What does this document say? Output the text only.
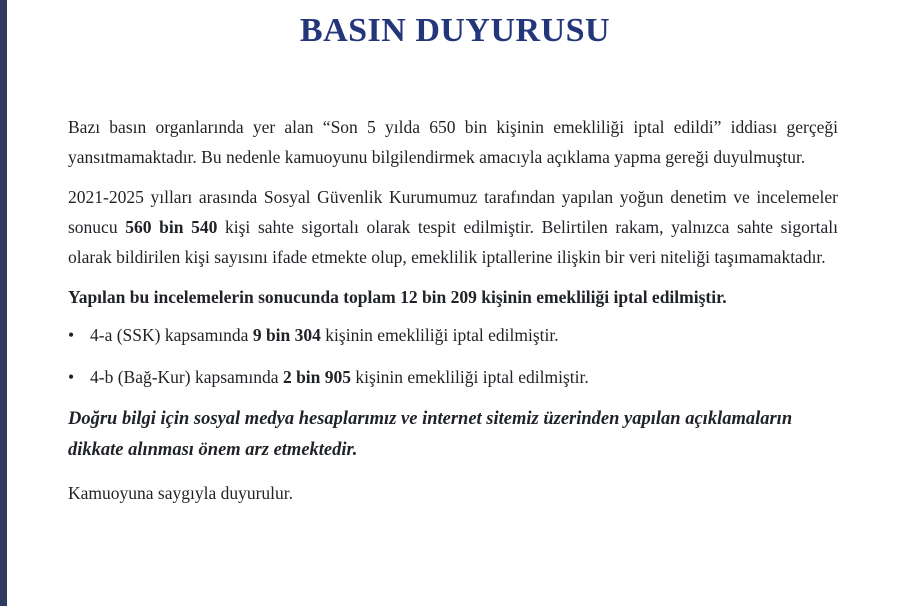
BASIN DUYURUSU

Bazı basın organlarında yer alan “Son 5 yılda 650 bin kişinin emekliliği iptal edildi” iddiası gerçeği yansıtmamaktadır. Bu nedenle kamuoyunu bilgilendirmek amacıyla açıklama yapma gereği duyulmuştur.

2021-2025 yılları arasında Sosyal Güvenlik Kurumumuz tarafından yapılan yoğun denetim ve incelemeler sonucu 560 bin 540 kişi sahte sigortalı olarak tespit edilmiştir. Belirtilen rakam, yalnızca sahte sigortalı olarak bildirilen kişi sayısını ifade etmekte olup, emeklilik iptallerine ilişkin bir veri niteliği taşımamaktadır.

Yapılan bu incelemelerin sonucunda toplam 12 bin 209 kişinin emekliliği iptal edilmiştir.

• 4-a (SSK) kapsamında 9 bin 304 kişinin emekliliği iptal edilmiştir.
• 4-b (Bağ-Kur) kapsamında 2 bin 905 kişinin emekliliği iptal edilmiştir.

Doğru bilgi için sosyal medya hesaplarımız ve internet sitemiz üzerinden yapılan açıklamaların dikkate alınması önem arz etmektedir.

Kamuoyuna saygıyla duyurulur.
